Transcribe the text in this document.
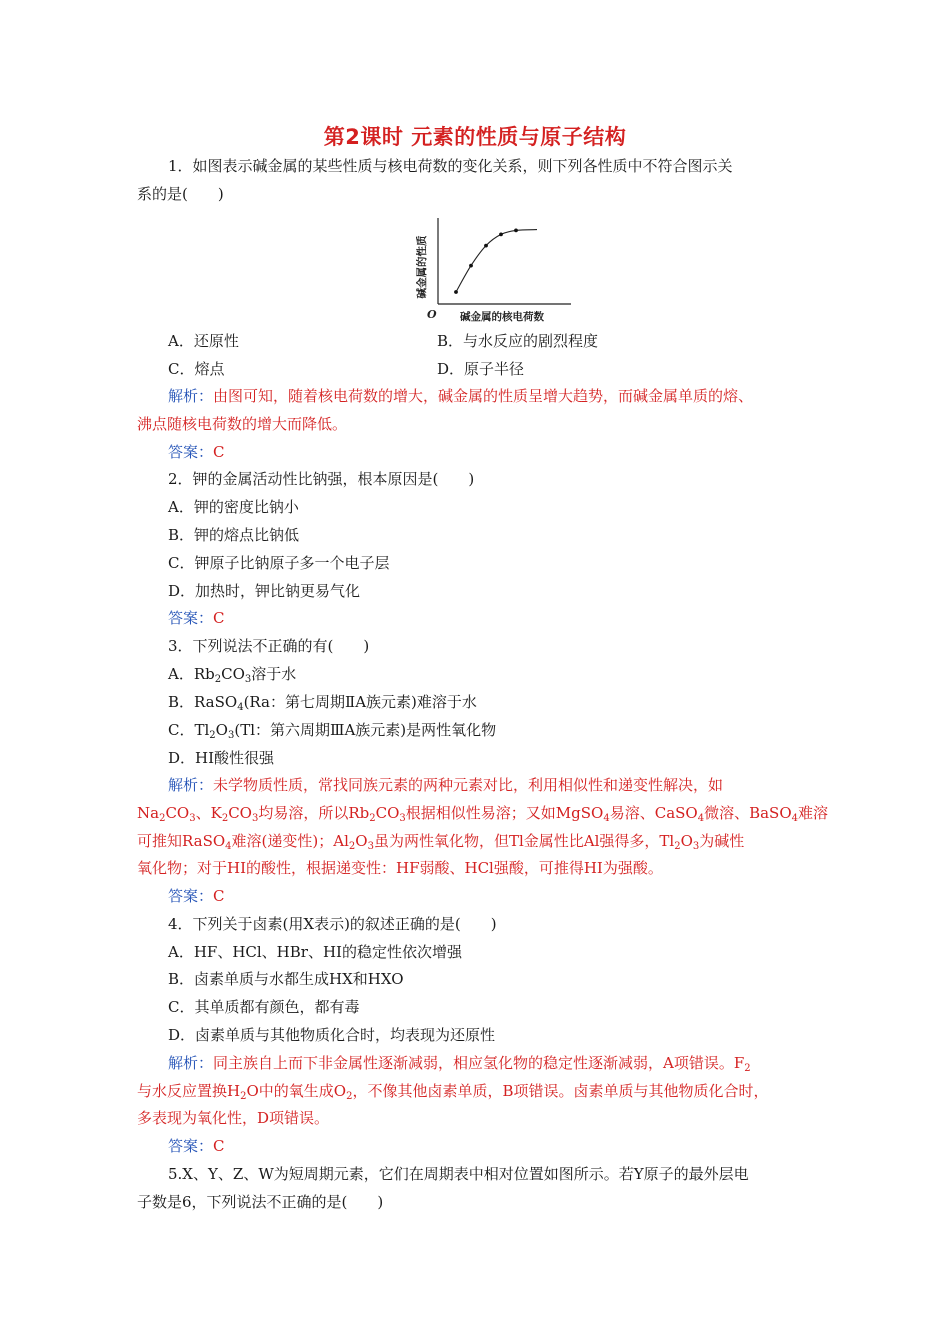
第2课时 元素的性质与原子结构
1．如图表示碱金属的某些性质与核电荷数的变化关系，则下列各性质中不符合图示关
系的是(　　)
碱金属的性质
O 碱金属的核电荷数
A．还原性	B．与水反应的剧烈程度
C．熔点	D．原子半径
解析：由图可知，随着核电荷数的增大，碱金属的性质呈增大趋势，而碱金属单质的熔、
沸点随核电荷数的增大而降低。
答案：C
2．钾的金属活动性比钠强，根本原因是(　　)
A．钾的密度比钠小
B．钾的熔点比钠低
C．钾原子比钠原子多一个电子层
D．加热时，钾比钠更易气化
答案：C
3．下列说法不正确的有(　　)
A．$Rb_2CO_3$溶于水
B．RaSO$_4$(Ra：第七周期ⅡA族元素)难溶于水
C．$Tl_2O_3(Tl$：第六周期ⅢA族元素)是两性氧化物
D．HI酸性很强
解析：未学物质性质，常找同族元素的两种元素对比，利用相似性和递变性解决，如
$Na_2CO_3$、$K_2CO_3$均易溶，所以$Rb_2CO_3$根据相似性易溶；又如MgSO$_4$易溶、CaSO$_4$微溶、BaSO$_4$难溶
可推知RaSO$_4$难溶(递变性)；$Al_2O_3$虽为两性氧化物，但Tl金属性比Al强得多，$Tl_2O_3$为碱性
氧化物；对于HI的酸性，根据递变性：HF弱酸、HCl强酸，可推得HI为强酸。
答案：C
4．下列关于卤素(用X表示)的叙述正确的是(　　)
A．HF、HCl、HBr、HI的稳定性依次增强
B．卤素单质与水都生成HX和HXO
C．其单质都有颜色，都有毒
D．卤素单质与其他物质化合时，均表现为还原性
解析：同主族自上而下非金属性逐渐减弱，相应氢化物的稳定性逐渐减弱，A项错误。$F_2$
与水反应置换$H_2O$中的氧生成$O_2$，不像其他卤素单质，B项错误。卤素单质与其他物质化合时，
多表现为氧化性，D项错误。
答案：C
5.X、Y、Z、W为短周期元素，它们在周期表中相对位置如图所示。若Y原子的最外层电
子数是6，下列说法不正确的是(　　)
